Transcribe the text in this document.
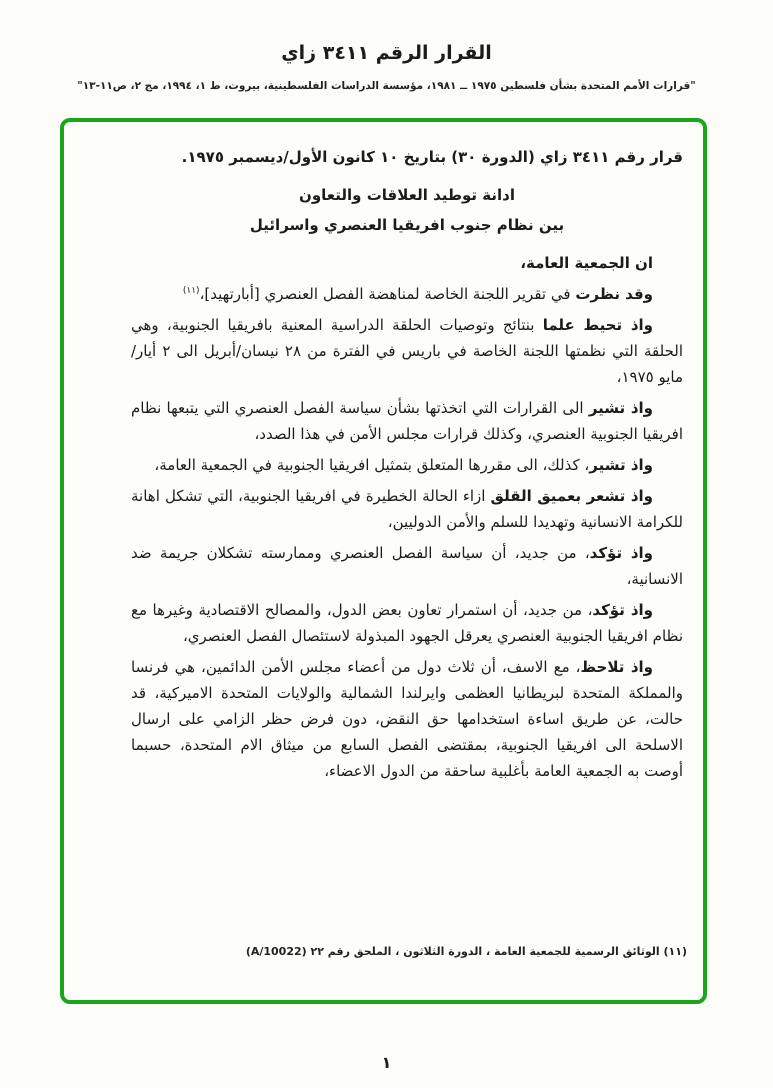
القرار الرقم ٣٤١١ زاي
"قرارات الأمم المتحدة بشأن فلسطين ١٩٧٥ ــ ١٩٨١، مؤسسة الدراسات الفلسطينية، بيروت، ط ١، ١٩٩٤، مج ٢، ص١١-١٣"

قرار رقم ٣٤١١ زاي (الدورة ٣٠) بتاريخ ١٠ كانون الأول/ديسمبر ١٩٧٥.

ادانة توطيد العلاقات والتعاون

بين نظام جنوب افريقيا العنصري واسرائيل

ان الجمعية العامة،

وقد نظرت في تقرير اللجنة الخاصة لمناهضة الفصل العنصري [أبارتهيد]،$^{(١١)}$

واذ تحيط علما بنتائج وتوصيات الحلقة الدراسية المعنية بافريقيا الجنوبية، وهي الحلقة التي نظمتها اللجنة الخاصة في باريس في الفترة من ٢٨ نيسان/أبريل الى ٢ أيار/مايو ١٩٧٥،

واذ تشير الى القرارات التي اتخذتها بشأن سياسة الفصل العنصري التي يتبعها نظام افريقيا الجنوبية العنصري، وكذلك قرارات مجلس الأمن في هذا الصدد،

واذ تشير، كذلك، الى مقررها المتعلق بتمثيل افريقيا الجنوبية في الجمعية العامة،

واذ تشعر بعميق القلق ازاء الحالة الخطيرة في افريقيا الجنوبية، التي تشكل اهانة للكرامة الانسانية وتهديدا للسلم والأمن الدوليين،

واذ تؤكد، من جديد، أن سياسة الفصل العنصري وممارسته تشكلان جريمة ضد الانسانية،

واذ تؤكد، من جديد، أن استمرار تعاون بعض الدول، والمصالح الاقتصادية وغيرها مع نظام افريقيا الجنوبية العنصري يعرقل الجهود المبذولة لاستئصال الفصل العنصري،

واذ تلاحظ، مع الاسف، أن ثلاث دول من أعضاء مجلس الأمن الدائمين، هي فرنسا والمملكة المتحدة لبريطانيا العظمى وايرلندا الشمالية والولايات المتحدة الاميركية، قد حالت، عن طريق اساءة استخدامها حق النقض، دون فرض حظر الزامي على ارسال الاسلحة الى افريقيا الجنوبية، بمقتضى الفصل السابع من ميثاق الام المتحدة، حسبما أوصت به الجمعية العامة بأغلبية ساحقة من الدول الاعضاء،

(١١) الوثائق الرسمية للجمعية العامة ، الدورة الثلاثون ، الملحق رقم ٢٢ (A/10022)
١
